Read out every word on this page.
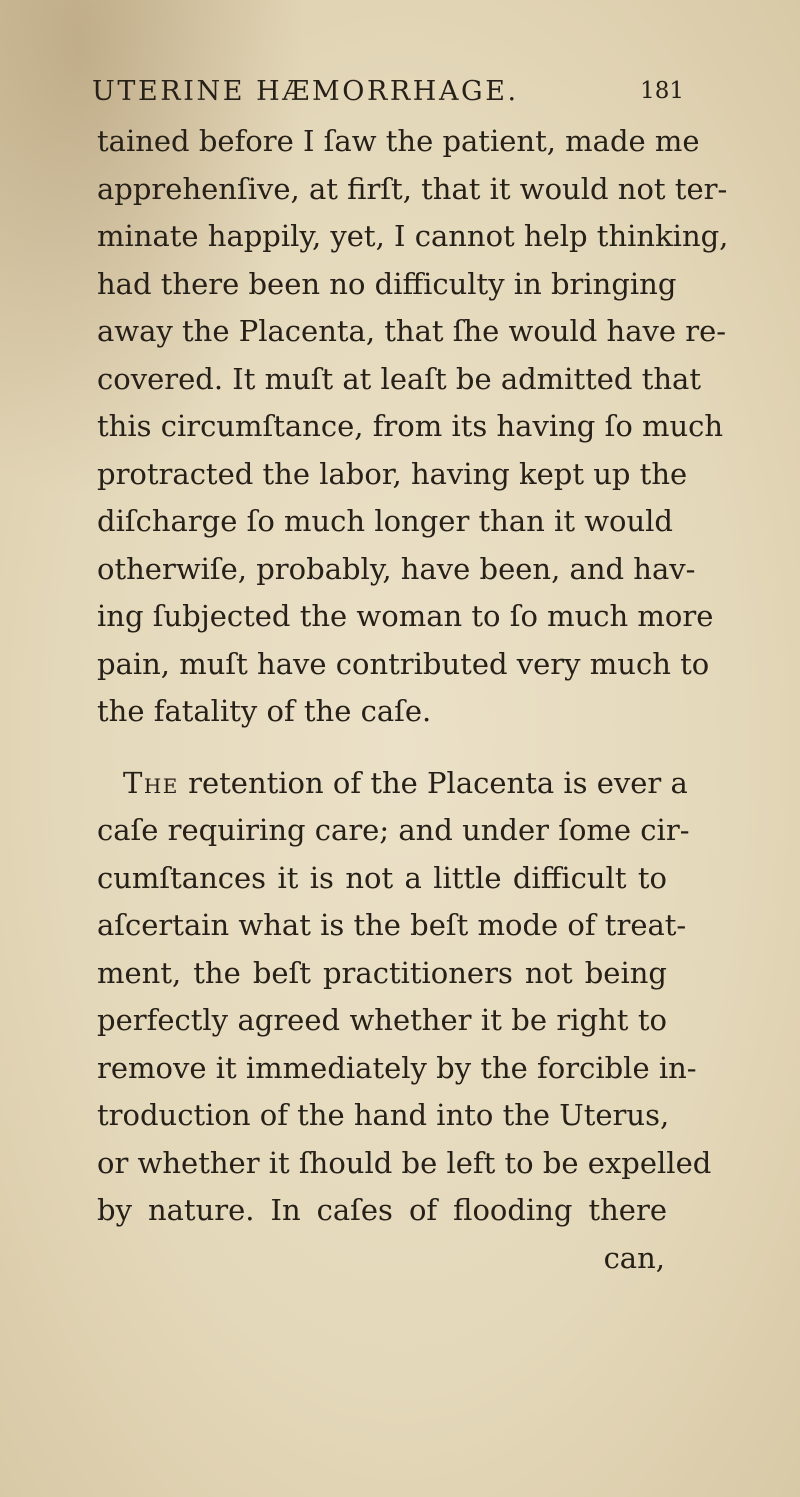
UTERINE HÆMORRHAGE.	181
tained before I ſaw the patient, made me
apprehenſive, at firſt, that it would not ter-
minate happily, yet, I cannot help thinking,
had there been no difficulty in bringing
away the Placenta, that ſhe would have re-
covered. It muſt at leaſt be admitted that
this circumſtance, from its having ſo much
protracted the labor, having kept up the
diſcharge ſo much longer than it would
otherwiſe, probably, have been, and hav-
ing ſubjected the woman to ſo much more
pain, muſt have contributed very much to
the fatality of the caſe.
The retention of the Placenta is ever a
caſe requiring care; and under ſome cir-
cumſtances it is not a little difficult to
aſcertain what is the beſt mode of treat-
ment, the beſt practitioners not being
perfectly agreed whether it be right to
remove it immediately by the forcible in-
troduction of the hand into the Uterus,
or whether it ſhould be left to be expelled
by nature. In caſes of flooding there
can,
